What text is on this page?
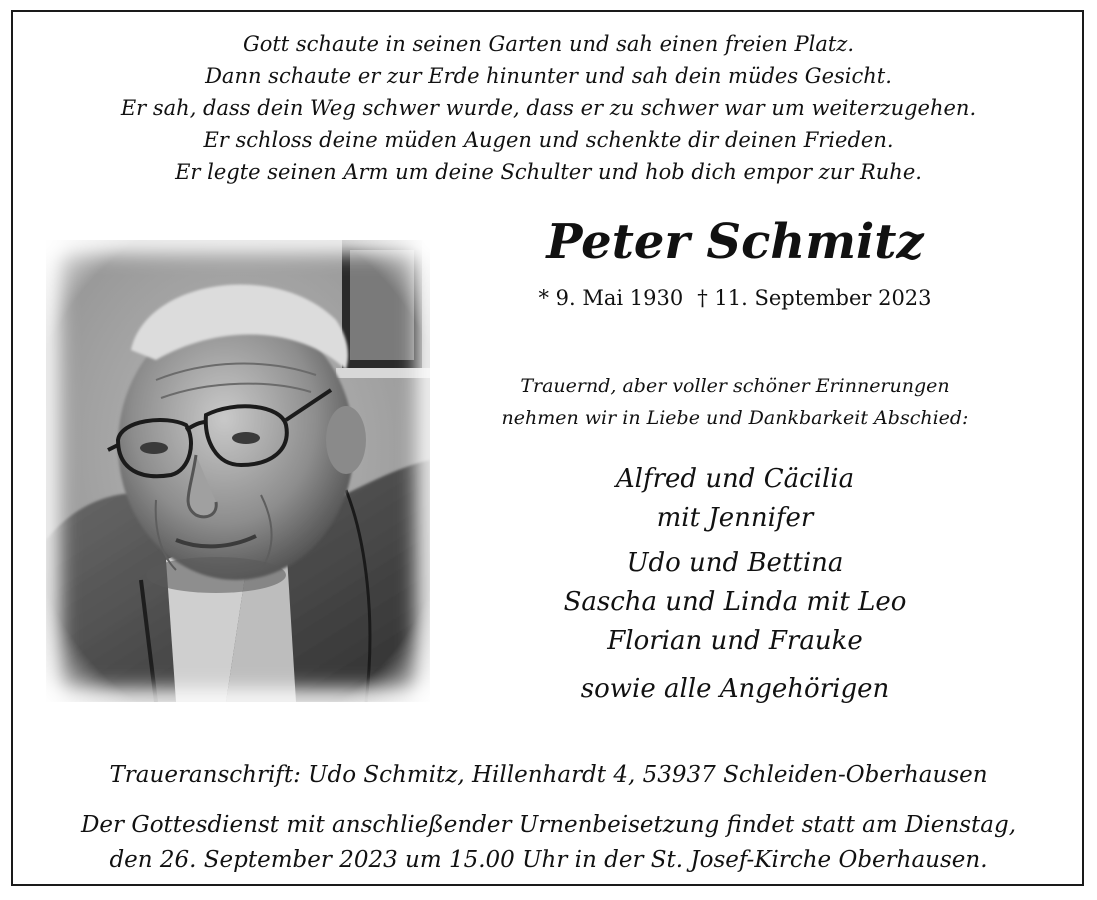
Gott schaute in seinen Garten und sah einen freien Platz.
Dann schaute er zur Erde hinunter und sah dein müdes Gesicht.
Er sah, dass dein Weg schwer wurde, dass er zu schwer war um weiterzugehen.
Er schloss deine müden Augen und schenkte dir deinen Frieden.
Er legte seinen Arm um deine Schulter und hob dich empor zur Ruhe.

Peter Schmitz
* 9. Mai 1930 † 11. September 2023

Trauernd, aber voller schöner Erinnerungen
nehmen wir in Liebe und Dankbarkeit Abschied:

Alfred und Cäcilia
mit Jennifer
Udo und Bettina
Sascha und Linda mit Leo
Florian und Frauke
sowie alle Angehörigen
Traueranschrift: Udo Schmitz, Hillenhardt 4, 53937 Schleiden-Oberhausen
Der Gottesdienst mit anschließender Urnenbeisetzung findet statt am Dienstag,
den 26. September 2023 um 15.00 Uhr in der St. Josef-Kirche Oberhausen.
